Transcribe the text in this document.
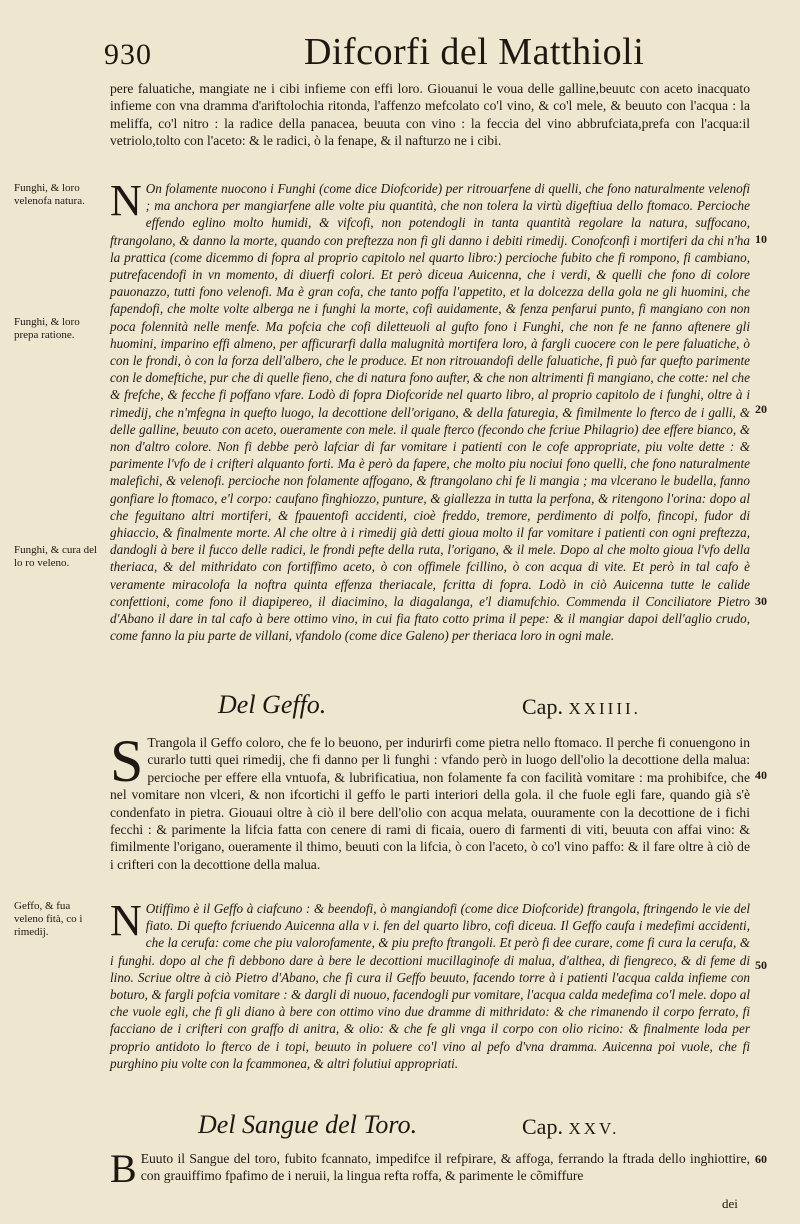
930	Difcorfi del Matthioli
pere faluatiche, mangiate ne i cibi infieme con effi loro. Giouanui le voua delle galline,beuutc con aceto inacquato infieme con vna dramma d'ariftolochia ritonda, l'affenzo mefcolato co'l vino, & co'l mele, & beuuto con l'acqua : la meliffa, co'l nitro : la radice della panacea, beuuta con vino : la feccia del vino abbrufciata,prefa con l'acqua:il vetriolo,tolto con l'aceto: & le radici, ò la fenape, & il nafturzo ne i cibi.
N On folamente nuocono i Funghi (come dice Diofcoride) per ritrouarfene di quelli, che fono naturalmente velenofi ; ma anchora per mangiarfene alle volte piu quantità, che non tolera la virtù digeftiua dello ftomaco. Percioche effendo eglino molto humidi, & vifcofi, non potendogli in tanta quantità regolare la natura, suffocano, ftrangolano, & danno la morte, quando con preftezza non fi gli danno i debiti rimedij. Conofconfi i mortiferi da chi n'ha la prattica (come dicemmo di fopra al proprio capitolo nel quarto libro:) percioche fubito che fi rompono, fi cambiano, putrefacendofi in vn momento, di diuerfi colori. Et però diceua Auicenna, che i verdi, & quelli che fono di colore pauonazzo, tutti fono velenofi. Ma è gran cofa, che tanto poffa l'appetito, et la dolcezza della gola ne gli huomini, che fapendofi, che molte volte alberga ne i funghi la morte, cofi auidamente, & fenza penfarui punto, fi mangiano con non poca folennità nelle menfe. Ma pofcia che cofi diletteuoli al gufto fono i Funghi, che non fe ne fanno aftenere gli huomini, imparino effi almeno, per afficurarfi dalla malugnità mortifera loro, à fargli cuocere con le pere faluatiche, ò con le frondi, ò con la forza dell'albero, che le produce. Et non ritrouandofi delle faluatiche, fi può far quefto parimente con le domeftiche, pur che di quelle fieno, che di natura fono aufter, & che non altrimenti fi mangiano, che cotte: nel che & frefche, & fecche fi poffano vfare. Lodò di fopra Diofcoride nel quarto libro, al proprio capitolo de i funghi, oltre à i rimedij, che n'mfegna in quefto luogo, la decottione dell'origano, & della faturegia, & fimilmente lo fterco de i galli, & delle galline, beuuto con aceto, oueramente con mele. il quale fterco (fecondo che fcriue Philagrio) dee effere bianco, & non d'altro colore. Non fi debbe però lafciar di far vomitare i patienti con le cofe appropriate, piu volte dette : & parimente l'vfo de i crifteri alquanto forti. Ma è però da fapere, che molto piu nociui fono quelli, che fono naturalmente malefichi, & velenofi. percioche non folamente affogano, & ftrangolano chi fe li mangia ; ma vlcerano le budella, fanno gonfiare lo ftomaco, e'l corpo: caufano finghiozzo, punture, & giallezza in tutta la perfona, & ritengono l'orina: dopo al che feguitano altri mortiferi, & fpauentofi accidenti, cioè freddo, tremore, perdimento di polfo, fincopi, fudor di ghiaccio, & finalmente morte. Al che oltre à i rimedij già detti gioua molto il far vomitare i patienti con ogni preftezza, dandogli à bere il fucco delle radici, le frondi pefte della ruta, l'origano, & il mele. Dopo al che molto gioua l'vfo della theriaca, & del mithridato con fortiffimo aceto, ò con offimele fcillino, ò con acqua di vite. Et però in tal cafo è veramente miracolofa la noftra quinta effenza theriacale, fcritta di fopra. Lodò in ciò Auicenna tutte le calide confettioni, come fono il diapipereo, il diacimino, la diagalanga, e'l diamufchio. Commenda il Conciliatore Pietro d'Abano il dare in tal cafo à bere ottimo vino, in cui fia ftato cotto prima il pepe: & il mangiar dapoi dell'aglio crudo, come fanno la piu parte de villani, vfandolo (come dice Galeno) per theriaca loro in ogni male.
Funghi, & loro velenofa natura.
Funghi, & loro prepa ratione.
Funghi, & cura del lo ro veleno.
Geffo, & fua veleno fità, co i rimedij.
10
20
30
40
50
60
Del Geffo.	Cap. XXIIII.
S Trangola il Geffo coloro, che fe lo beuono, per indurirfi come pietra nello ftomaco. Il perche fi conuengono in curarlo tutti quei rimedij, che fi danno per li funghi : vfando però in luogo dell'olio la decottione della malua: percioche per effere ella vntuofa, & lubrificatiua, non folamente fa con facilità vomitare : ma prohibifce, che nel vomitare non vlceri, & non ifcortichi il geffo le parti interiori della gola. il che fuole egli fare, quando già s'è condenfato in pietra. Giouaui oltre à ciò il bere dell'olio con acqua melata, ouuramente con la decottione de i fichi fecchi : & parimente la lifcia fatta con cenere di rami di ficaia, ouero di farmenti di viti, beuuta con affai vino: & fimilmente l'origano, oueramente il thimo, beuuti con la lifcia, ò con l'aceto, ò co'l vino paffo: & il fare oltre à ciò de i crifteri con la decottione della malua.
N Otiffimo è il Geffo à ciafcuno : & beendofi, ò mangiandofi (come dice Diofcoride) ftrangola, ftringendo le vie del fiato. Di quefto fcriuendo Auicenna alla v i. fen del quarto libro, cofi diceua. Il Geffo caufa i medefimi accidenti, che la cerufa: come che piu valorofamente, & piu prefto ftrangoli. Et però fi dee curare, come fi cura la cerufa, & i funghi. dopo al che fi debbono dare à bere le decottioni mucillaginofe di malua, d'althea, di fiengreco, & di feme di lino. Scriue oltre à ciò Pietro d'Abano, che fi cura il Geffo beuuto, facendo torre à i patienti l'acqua calda infieme con boturo, & fargli pofcia vomitare : & dargli di nuouo, facendogli pur vomitare, l'acqua calda medefima co'l mele. dopo al che vuole egli, che fi gli diano à bere con ottimo vino due dramme di mithridato: & che rimanendo il corpo ferrato, fi facciano de i crifteri con graffo di anitra, & olio: & che fe gli vnga il corpo con olio ricino: & finalmente loda per proprio antidoto lo fterco de i topi, beuuto in poluere co'l vino al pefo d'vna dramma. Auicenna poi vuole, che fi purghino piu volte con la fcammonea, & altri folutiui appropriati.
Del Sangue del Toro.	Cap. XXV.
B Euuto il Sangue del toro, fubito fcannato, impedifce il refpirare, & affoga, ferrando la ftrada dello inghiottire, con grauiffimo fpafimo de i neruii, la lingua refta roffa, & parimente le cõmiffure
dei
